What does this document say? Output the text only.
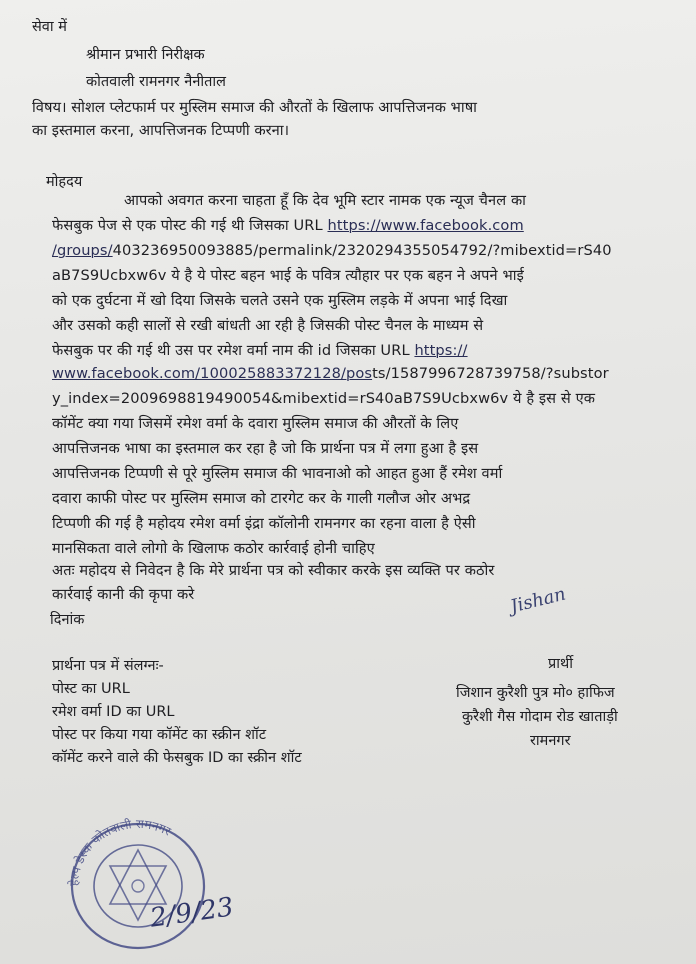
सेवा में
श्रीमान प्रभारी निरीक्षक
कोतवाली रामनगर नैनीताल
विषय। सोशल प्लेटफार्म पर मुस्लिम समाज की औरतों के खिलाफ आपत्तिजनक भाषा
का इस्तमाल करना, आपत्तिजनक टिप्पणी करना।
मोहदय
आपको अवगत करना चाहता हूँ कि देव भूमि स्टार नामक एक न्यूज चैनल का
फेसबुक पेज से एक पोस्ट की गई थी जिसका URL https://www.facebook.com
/groups/403236950093885/permalink/2320294355054792/?mibextid=rS40
aB7S9Ucbxw6v ये है ये पोस्ट बहन भाई के पवित्र त्यौहार पर एक बहन ने अपने भाई
को एक दुर्घटना में खो दिया जिसके चलते उसने एक मुस्लिम लड़के में अपना भाई दिखा
और उसको कही सालों से रखी बांधती आ रही है जिसकी पोस्ट चैनल के माध्यम से
फेसबुक पर की गई थी उस पर रमेश वर्मा नाम की id जिसका URL https://
www.facebook.com/100025883372128/posts/1587996728739758/?substor
y_index=2009698819490054&mibextid=rS40aB7S9Ucbxw6v ये है इस से एक
कॉमेंट क्या गया जिसमें रमेश वर्मा के दवारा मुस्लिम समाज की औरतों के लिए
आपत्तिजनक भाषा का इस्तमाल कर रहा है जो कि प्रार्थना पत्र में लगा हुआ है इस
आपत्तिजनक टिप्पणी से पूरे मुस्लिम समाज की भावनाओ को आहत हुआ हैं रमेश वर्मा
दवारा काफी पोस्ट पर मुस्लिम समाज को टारगेट कर के गाली गलौज ओर अभद्र
टिप्पणी की गई है महोदय रमेश वर्मा इंद्रा कॉलोनी रामनगर का रहना वाला है ऐसी
मानसिकता वाले लोगो के खिलाफ कठोर कार्रवाई होनी चाहिए
अतः महोदय से निवेदन है कि मेरे प्रार्थना पत्र को स्वीकार करके इस व्यक्ति पर कठोर
कार्रवाई कानी की कृपा करे
दिनांक
Jishan
प्रार्थी
जिशान कुरैशी पुत्र मो० हाफिज
कुरैशी गैस गोदाम रोड खाताड़ी
रामनगर
प्रार्थना पत्र में संलग्नः-
पोस्ट का URL
रमेश वर्मा ID का URL
पोस्ट पर किया गया कॉमेंट का स्क्रीन शॉट
कॉमेंट करने वाले की फेसबुक ID का स्क्रीन शॉट
हेल्प डेस्क कोतवाली रामनगर
2/9/23
